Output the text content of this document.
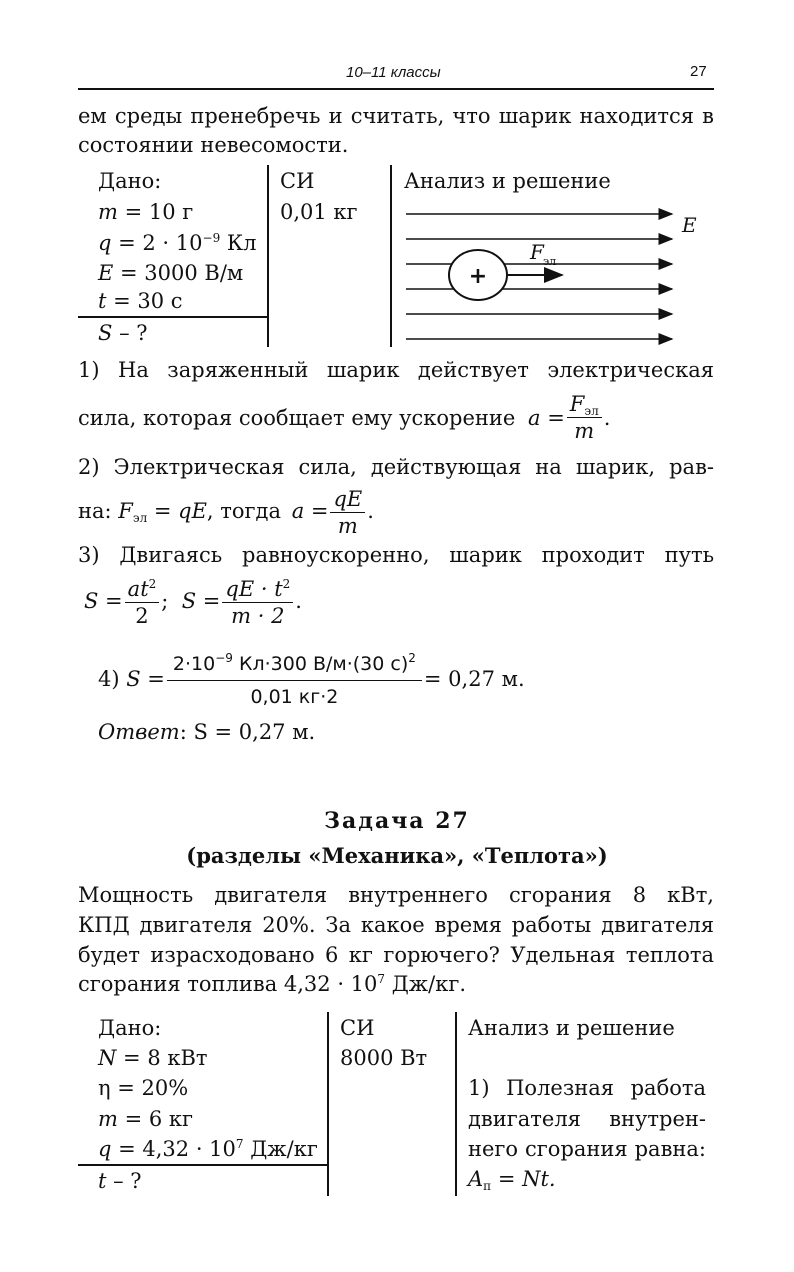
10–11 классы	27
ем среды пренебречь и считать, что шарик находится в
состоянии невесомости.
Дано:
m = 10 г
$q = 2 \cdot 10^{-9}$ Кл
E = 3000 В/м
t = 30 с
S – ?
СИ
0,01 кг
Анализ и решение
+
F эл
E
1) На заряженный шарик действует электрическая
сила, которая сообщает ему ускорение $a = \frac{F_{эл}}{m}$ .
2) Электрическая сила, действующая на шарик, рав-
на: $F_{эл}$ = qE, тогда $a = \frac{qE}{m}$ .
3) Двигаясь равноускоренно, шарик проходит путь
$S = \frac{at^2}{2}$ ;  $S = \frac{qE \cdot t^2}{m \cdot 2}$ .
4) $S = \frac{2\cdot 10^{-9} Кл\cdot 300 В/м\cdot(30 с)^2}{0,01 кг\cdot 2} = 0,27$ м.
Ответ: S = 0,27 м.
Задача 27
(разделы «Механика», «Теплота»)
Мощность двигателя внутреннего сгорания 8 кВт,
КПД двигателя 20%. За какое время работы двигателя
будет израсходовано 6 кг горючего? Удельная теплота
сгорания топлива $4,32 \cdot 10^7$ Дж/кг.
Дано:
N = 8 кВт
η = 20%
m = 6 кг
$q = 4,32 \cdot 10^7$ Дж/кг
t – ?
СИ
8000 Вт
Анализ и решение
1) Полезная работа
двигателя внутрен-
него сгорания равна:
$A_п = Nt$.
